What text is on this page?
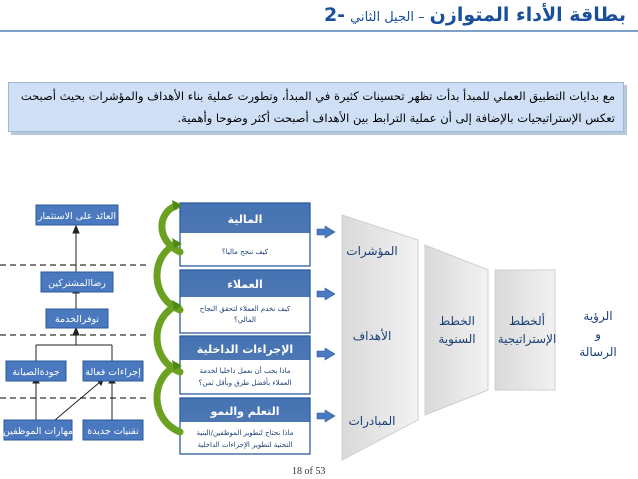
بطاقة الأداء المتوازن – الجيل الثاني -2
مع بدايات التطبيق العملي للمبدأ بدأت تظهر تحسينات كثيرة في المبدأ، وتطورت عملية بناء الأهداف والمؤشرات بحيث أصبحت
تعكس الإستراتيجيات بالإضافة إلى أن عملية الترابط بين الأهداف أصبحت أكثر وضوحا وأهمية.
الرؤية
و
الرسالة
ألخطط
الإستراتيجية
الخطط
السنوية
المؤشرات
الأهداف
المبادرات
المالية
كيف ننجح ماليا؟
العملاء
كيف نخدم العملاء لتحقق النجاح
المالي؟
الإجراءات الداخلية
ماذا يجب أن نعمل داخليا لخدمة
العملاء بأفضل طرق وبأقل ثمن؟
التعلم والنمو
ماذا نحتاج لتطوير الموظفين/البنية
التحتية لتطوير الإجراءات الداخلية
العائد على الاستثمار
رضاالمشتركين
توفرالخدمة
جودةالصيانة	إجراءات فعالة
مهارات الموظفين تقنيات جديدة
18 of 53
